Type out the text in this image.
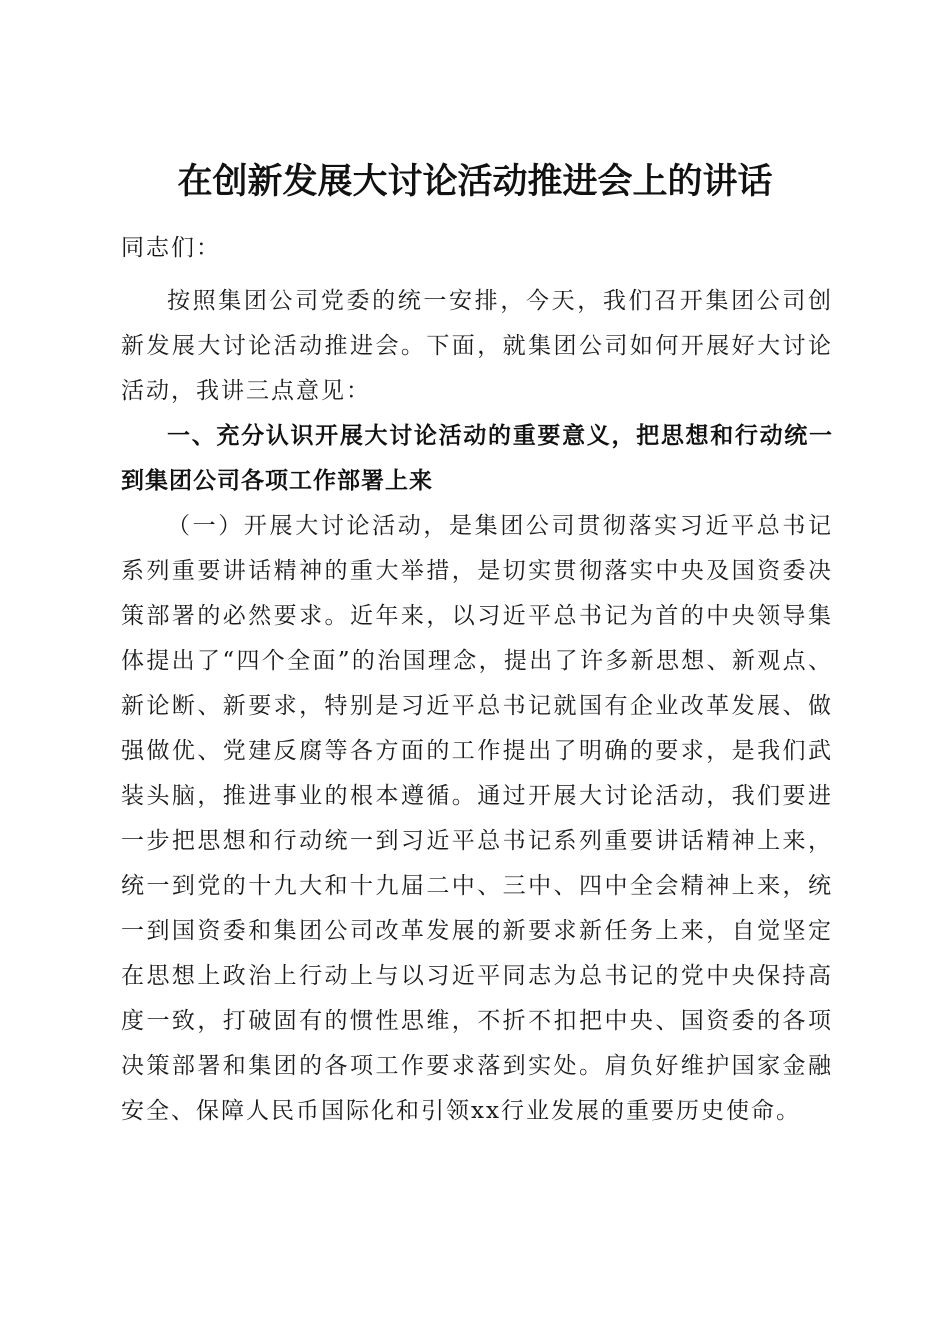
在创新发展大讨论活动推进会上的讲话

同志们：

按照集团公司党委的统一安排，今天，我们召开集团公司创新发展大讨论活动推进会。下面，就集团公司如何开展好大讨论活动，我讲三点意见：

一、充分认识开展大讨论活动的重要意义，把思想和行动统一到集团公司各项工作部署上来

（一）开展大讨论活动，是集团公司贯彻落实习近平总书记系列重要讲话精神的重大举措，是切实贯彻落实中央及国资委决策部署的必然要求。近年来，以习近平总书记为首的中央领导集体提出了“四个全面”的治国理念，提出了许多新思想、新观点、新论断、新要求，特别是习近平总书记就国有企业改革发展、做强做优、党建反腐等各方面的工作提出了明确的要求，是我们武装头脑，推进事业的根本遵循。通过开展大讨论活动，我们要进一步把思想和行动统一到习近平总书记系列重要讲话精神上来，统一到党的十九大和十九届二中、三中、四中全会精神上来，统一到国资委和集团公司改革发展的新要求新任务上来，自觉坚定在思想上政治上行动上与以习近平同志为总书记的党中央保持高度一致，打破固有的惯性思维，不折不扣把中央、国资委的各项决策部署和集团的各项工作要求落到实处。肩负好维护国家金融安全、保障人民币国际化和引领xx行业发展的重要历史使命。
